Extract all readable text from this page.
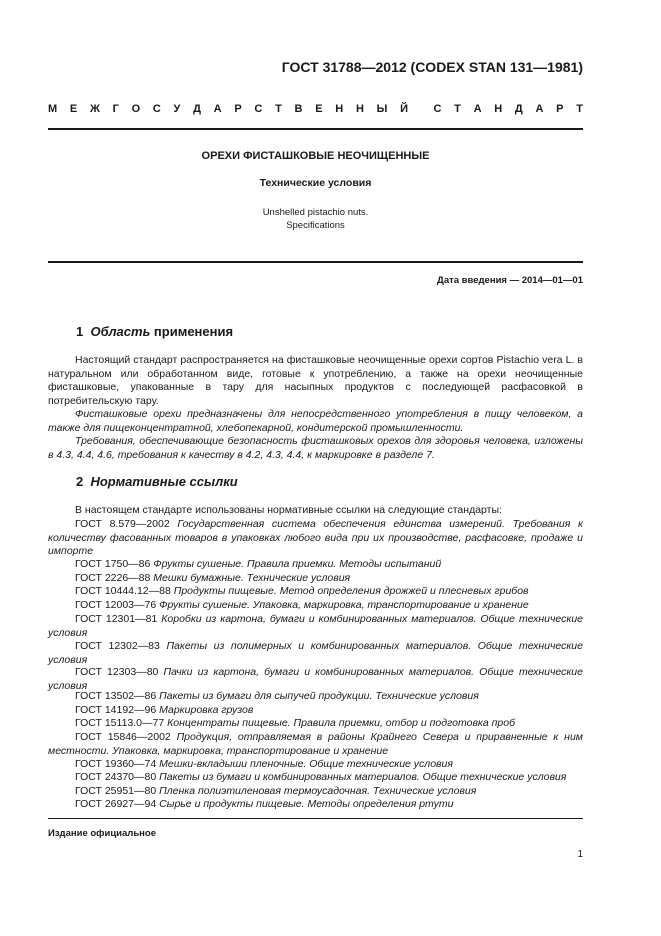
ГОСТ 31788—2012 (CODEX STAN 131—1981)
М Е Ж Г О С У Д А Р С Т В Е Н Н Ы Й С Т А Н Д А Р Т
ОРЕХИ ФИСТАШКОВЫЕ НЕОЧИЩЕННЫЕ
Технические условия
Unshelled pistachio nuts.
Specifications
Дата введения — 2014—01—01
1 Область применения

Настоящий стандарт распространяется на фисташковые неочищенные орехи сортов Pistachio vera L. в натуральном или обработанном виде, готовые к употреблению, а также на орехи неочищенные фисташковые, упакованные в тару для насыпных продуктов с последующей расфасовкой в потребительскую тару.

Фисташковые орехи предназначены для непосредственного употребления в пищу человеком, а также для пищеконцентратной, хлебопекарной, кондитерской промышленности.

Требования, обеспечивающие безопасность фисташковых орехов для здоровья человека, изложены в 4.3, 4.4, 4.6, требования к качеству в 4.2, 4.3, 4.4, к маркировке в разделе 7.

2 Нормативные ссылки

В настоящем стандарте использованы нормативные ссылки на следующие стандарты:

ГОСТ 8.579—2002 Государственная система обеспечения единства измерений. Требования к количеству фасованных товаров в упаковках любого вида при их производстве, расфасовке, продаже и импорте

ГОСТ 1750—86 Фрукты сушеные. Правила приемки. Методы испытаний

ГОСТ 2226—88 Мешки бумажные. Технические условия

ГОСТ 10444.12—88 Продукты пищевые. Метод определения дрожжей и плесневых грибов

ГОСТ 12003—76 Фрукты сушеные. Упаковка, маркировка, транспортирование и хранение

ГОСТ 12301—81 Коробки из картона, бумаги и комбинированных материалов. Общие технические условия

ГОСТ 12302—83 Пакеты из полимерных и комбинированных материалов. Общие технические условия

ГОСТ 12303—80 Пачки из картона, бумаги и комбинированных материалов. Общие технические условия

ГОСТ 13502—86 Пакеты из бумаги для сыпучей продукции. Технические условия

ГОСТ 14192—96 Маркировка грузов

ГОСТ 15113.0—77 Концентраты пищевые. Правила приемки, отбор и подготовка проб

ГОСТ 15846—2002 Продукция, отправляемая в районы Крайнего Севера и приравненные к ним местности. Упаковка, маркировка, транспортирование и хранение

ГОСТ 19360—74 Мешки-вкладыши пленочные. Общие технические условия

ГОСТ 24370—80 Пакеты из бумаги и комбинированных материалов. Общие технические условия

ГОСТ 25951—80 Пленка полиэтиленовая термоусадочная. Технические условия

ГОСТ 26927—94 Сырье и продукты пищевые. Методы определения ртути

Издание официальное
1
